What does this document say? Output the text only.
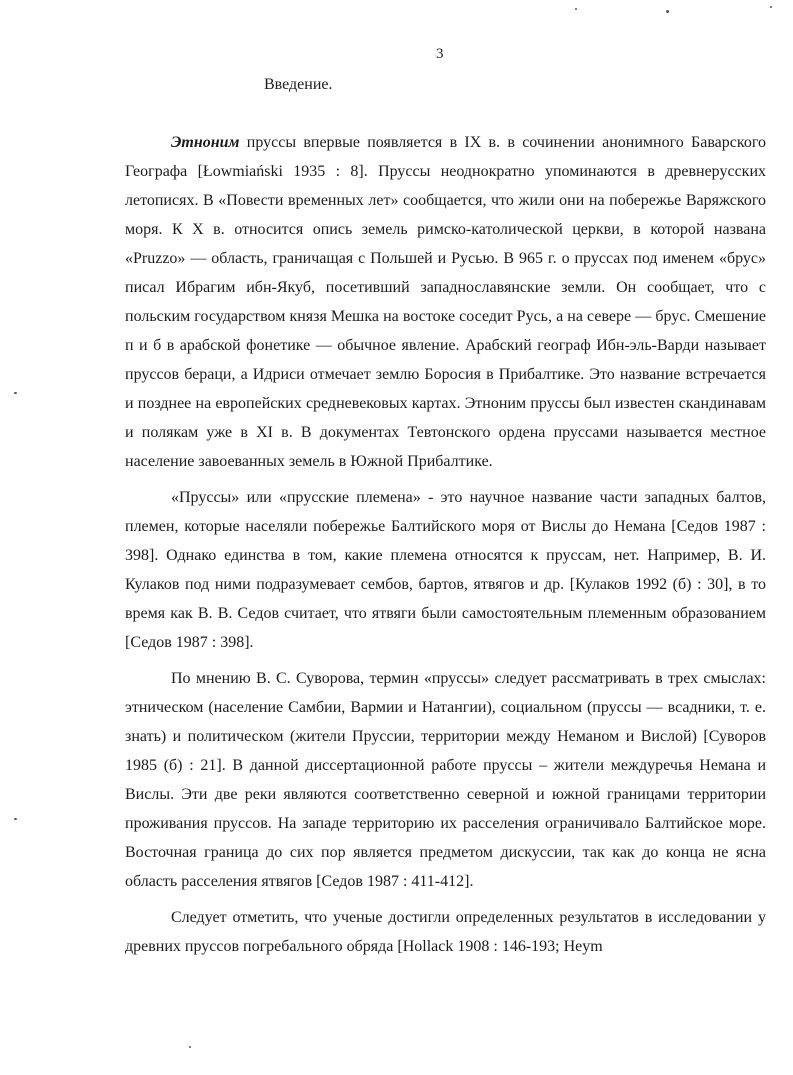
3
Введение.

Этноним пруссы впервые появляется в IX в. в сочинении анонимного Баварского Географа [Łowmiański 1935 : 8]. Пруссы неоднократно упоминаются в древнерусских летописях. В «Повести временных лет» сообщается, что жили они на побережье Варяжского моря. К X в. относится опись земель римско-католической церкви, в которой названа «Pruzzo» — область, граничащая с Польшей и Русью. В 965 г. о пруссах под именем «брус» писал Ибрагим ибн-Якуб, посетивший западнославянские земли. Он сообщает, что с польским государством князя Мешка на востоке соседит Русь, а на севере — брус. Смешение п и б в арабской фонетике — обычное явление. Арабский географ Ибн-эль-Варди называет пруссов бераци, а Идриси отмечает землю Боросия в Прибалтике. Это название встречается и позднее на европейских средневековых картах. Этноним пруссы был известен скандинавам и полякам уже в XI в. В документах Тевтонского ордена пруссами называется местное население завоеванных земель в Южной Прибалтике.

«Пруссы» или «прусские племена» - это научное название части западных балтов, племен, которые населяли побережье Балтийского моря от Вислы до Немана [Седов 1987 : 398]. Однако единства в том, какие племена относятся к пруссам, нет. Например, В. И. Кулаков под ними подразумевает сембов, бартов, ятвягов и др. [Кулаков 1992 (б) : 30], в то время как В. В. Седов считает, что ятвяги были самостоятельным племенным образованием [Седов 1987 : 398].

По мнению В. С. Суворова, термин «пруссы» следует рассматривать в трех смыслах: этническом (население Самбии, Вармии и Натангии), социальном (пруссы — всадники, т. е. знать) и политическом (жители Пруссии, территории между Неманом и Вислой) [Суворов 1985 (б) : 21]. В данной диссертационной работе пруссы – жители междуречья Немана и Вислы. Эти две реки являются соответственно северной и южной границами территории проживания пруссов. На западе территорию их расселения ограничивало Балтийское море. Восточная граница до сих пор является предметом дискуссии, так как до конца не ясна область расселения ятвягов [Седов 1987 : 411-412].

Следует отметить, что ученые достигли определенных результатов в исследовании у древних пруссов погребального обряда [Hollack 1908 : 146-193; Heym
